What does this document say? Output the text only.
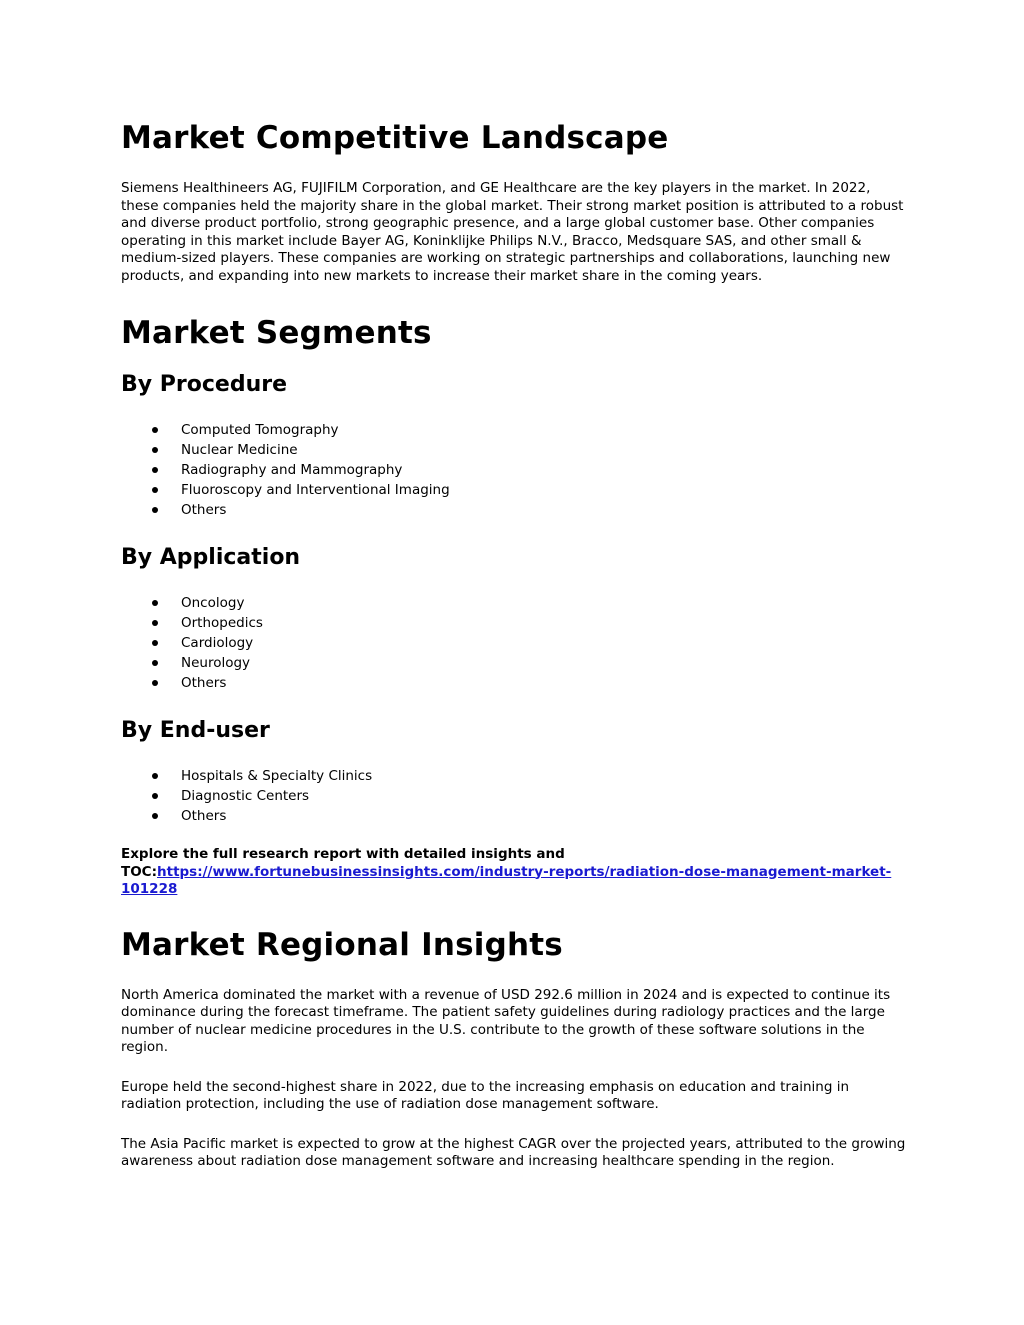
Market Competitive Landscape

Siemens Healthineers AG, FUJIFILM Corporation, and GE Healthcare are the key players in the market. In 2022, these companies held the majority share in the global market. Their strong market position is attributed to a robust and diverse product portfolio, strong geographic presence, and a large global customer base. Other companies operating in this market include Bayer AG, Koninklijke Philips N.V., Bracco, Medsquare SAS, and other small & medium-sized players. These companies are working on strategic partnerships and collaborations, launching new products, and expanding into new markets to increase their market share in the coming years.

Market Segments
By Procedure
Computed Tomography
Nuclear Medicine
Radiography and Mammography
Fluoroscopy and Interventional Imaging
Others
By Application
Oncology
Orthopedics
Cardiology
Neurology
Others
By End-user
Hospitals & Specialty Clinics
Diagnostic Centers
Others

Explore the full research report with detailed insights and TOC:https://www.fortunebusinessinsights.com/industry-reports/radiation-dose-management-market-101228

Market Regional Insights

North America dominated the market with a revenue of USD 292.6 million in 2024 and is expected to continue its dominance during the forecast timeframe. The patient safety guidelines during radiology practices and the large number of nuclear medicine procedures in the U.S. contribute to the growth of these software solutions in the region.

Europe held the second-highest share in 2022, due to the increasing emphasis on education and training in radiation protection, including the use of radiation dose management software.

The Asia Pacific market is expected to grow at the highest CAGR over the projected years, attributed to the growing awareness about radiation dose management software and increasing healthcare spending in the region.
